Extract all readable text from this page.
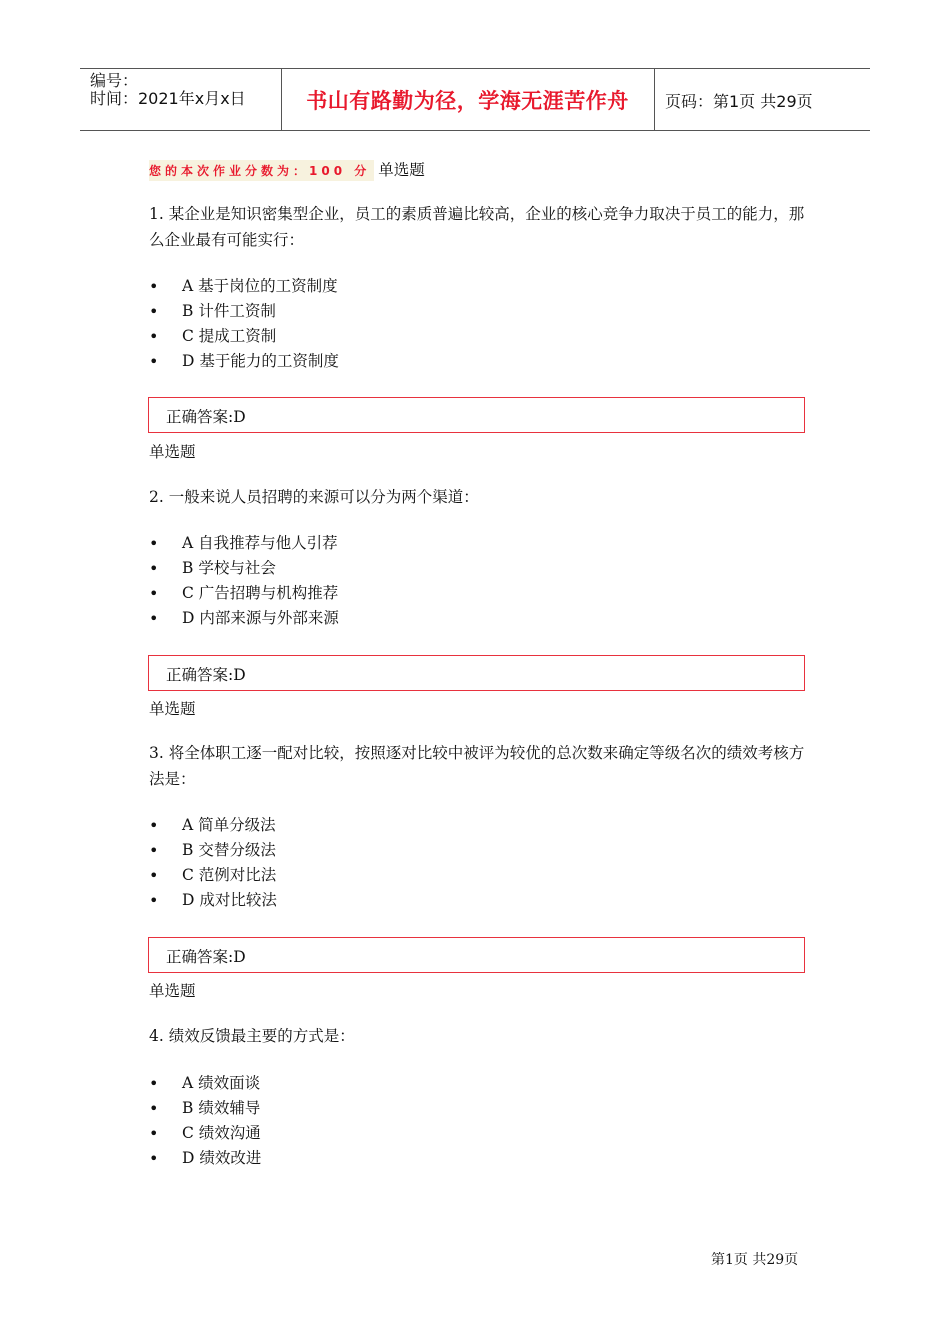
编号：
时间：2021年x月x日	书山有路勤为径，学海无涯苦作舟	页码：第1页 共29页
您的本次作业分数为：100 分 单选题

1. 某企业是知识密集型企业，员工的素质普遍比较高，企业的核心竞争力取决于员工的能力，那么企业最有可能实行：

• A 基于岗位的工资制度
• B 计件工资制
• C 提成工资制
• D 基于能力的工资制度
正确答案:D
单选题

2. 一般来说人员招聘的来源可以分为两个渠道：

• A 自我推荐与他人引荐
• B 学校与社会
• C 广告招聘与机构推荐
• D 内部来源与外部来源
正确答案:D
单选题

3. 将全体职工逐一配对比较，按照逐对比较中被评为较优的总次数来确定等级名次的绩效考核方法是：

• A 简单分级法
• B 交替分级法
• C 范例对比法
• D 成对比较法
正确答案:D
单选题

4. 绩效反馈最主要的方式是：

• A 绩效面谈
• B 绩效辅导
• C 绩效沟通
• D 绩效改进
第1页 共29页
